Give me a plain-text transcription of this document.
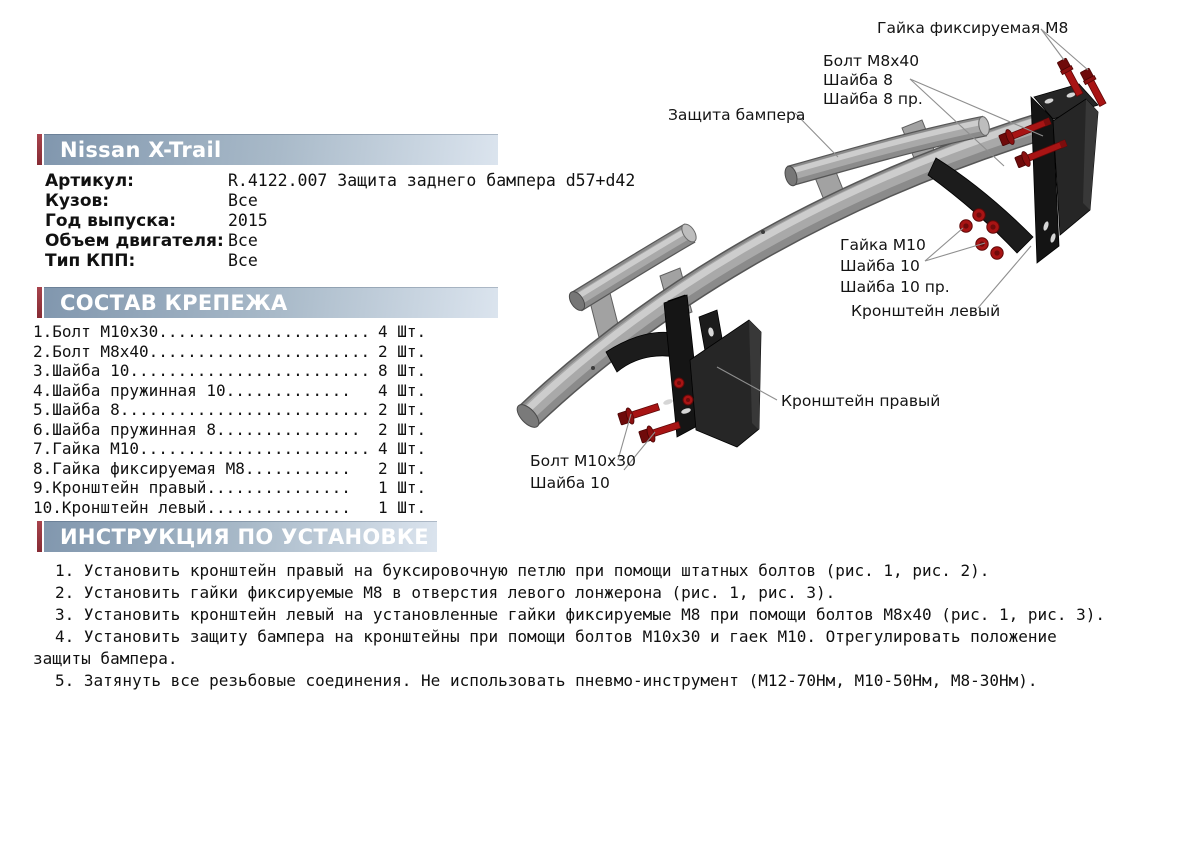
Nissan X-Trail
Артикул:	R.4122.007 Защита заднего бампера d57+d42
Кузов:	Все
Год выпуска:	2015
Объем двигателя: Все
Тип КПП:	Все
СОСТАВ КРЕПЕЖА
1.Болт М10х30...................... 4 Шт.
2.Болт М8х40....................... 2 Шт.
3.Шайба 10......................... 8 Шт.
4.Шайба пружинная 10............. 4 Шт.
5.Шайба 8.......................... 2 Шт.
6.Шайба пружинная 8............... 2 Шт.
7.Гайка М10........................ 4 Шт.
8.Гайка фиксируемая М8........... 2 Шт.
9.Кронштейн правый............... 1 Шт.
10.Кронштейн левый............... 1 Шт.
ИНСТРУКЦИЯ ПО УСТАНОВКЕ

1. Установить кронштейн правый на буксировочную петлю при помощи штатных болтов (рис. 1, рис. 2).

2. Установить гайки фиксируемые М8 в отверстия левого лонжерона (рис. 1, рис. 3).

3. Установить кронштейн левый на установленные гайки фиксируемые М8 при помощи болтов М8х40 (рис. 1, рис. 3).

4. Установить защиту бампера на кронштейны при помощи болтов М10х30 и гаек М10. Отрегулировать положение защиты бампера.

5. Затянуть все резьбовые соединения. Не использовать пневмо-инструмент (М12-70Нм, М10-50Нм, М8-30Нм).

Гайка фиксируемая М8
Болт М8х40
Шайба 8
Шайба 8 пр.
Защита бампера
Гайка М10
Шайба 10
Шайба 10 пр.
Кронштейн левый
Кронштейн правый
Болт М10х30
Шайба 10
